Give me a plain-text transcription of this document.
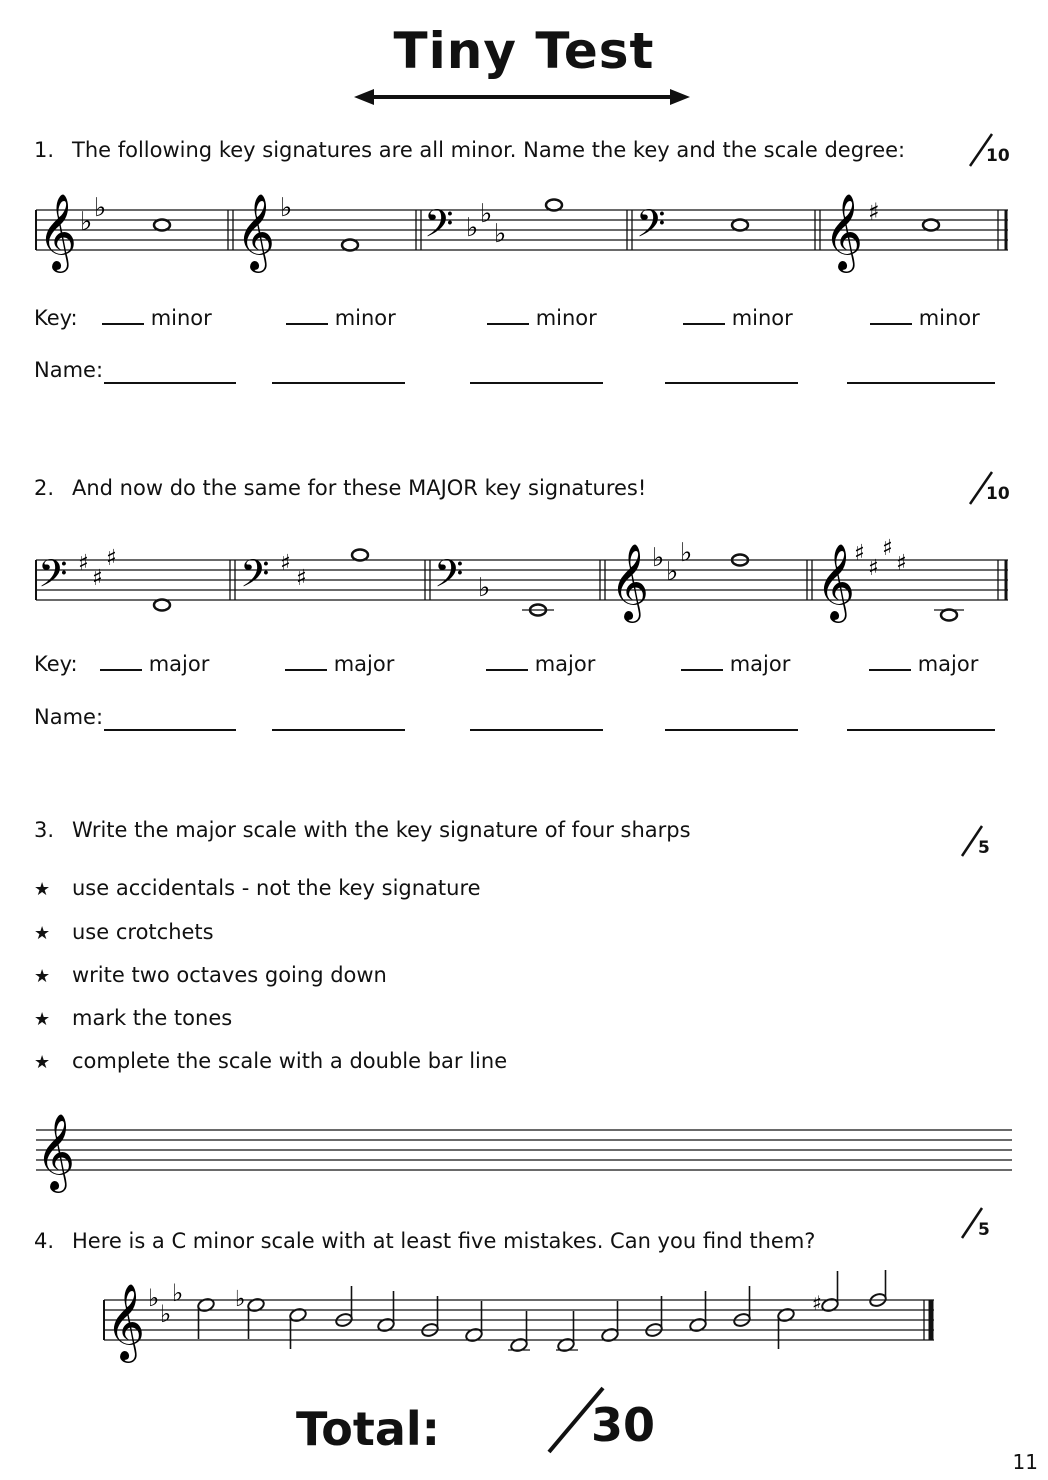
Tiny Test
1. The following key signatures are all minor. Name the key and the scale degree:	10
𝄞 ♭ ♭ 𝄞 ♭	𝄢 ♭ ♭
♭	𝄢 𝄞 ♯
Key:	minor	minor	minor	minor	minor
Name:
2. And now do the same for these MAJOR key signatures!	10
𝄢 ♯
♯
♯	𝄢 ♯
♯	𝄢 ♭ 𝄞 ♭ ♭
♭ 𝄞
♯
♯
♯
♯
Key:	major	major	major	major	major
Name:
3. Write the major scale with the key signature of four sharps
5
★ use accidentals - not the key signature
★ use crotchets
★ write two octaves going down
★ mark the tones
★ complete the scale with a double bar line
𝄞
4. Here is a C minor scale with at least five mistakes. Can you find them?	5
𝄞 ♭
♭
♭ ♭	♯
Total:	30
11
